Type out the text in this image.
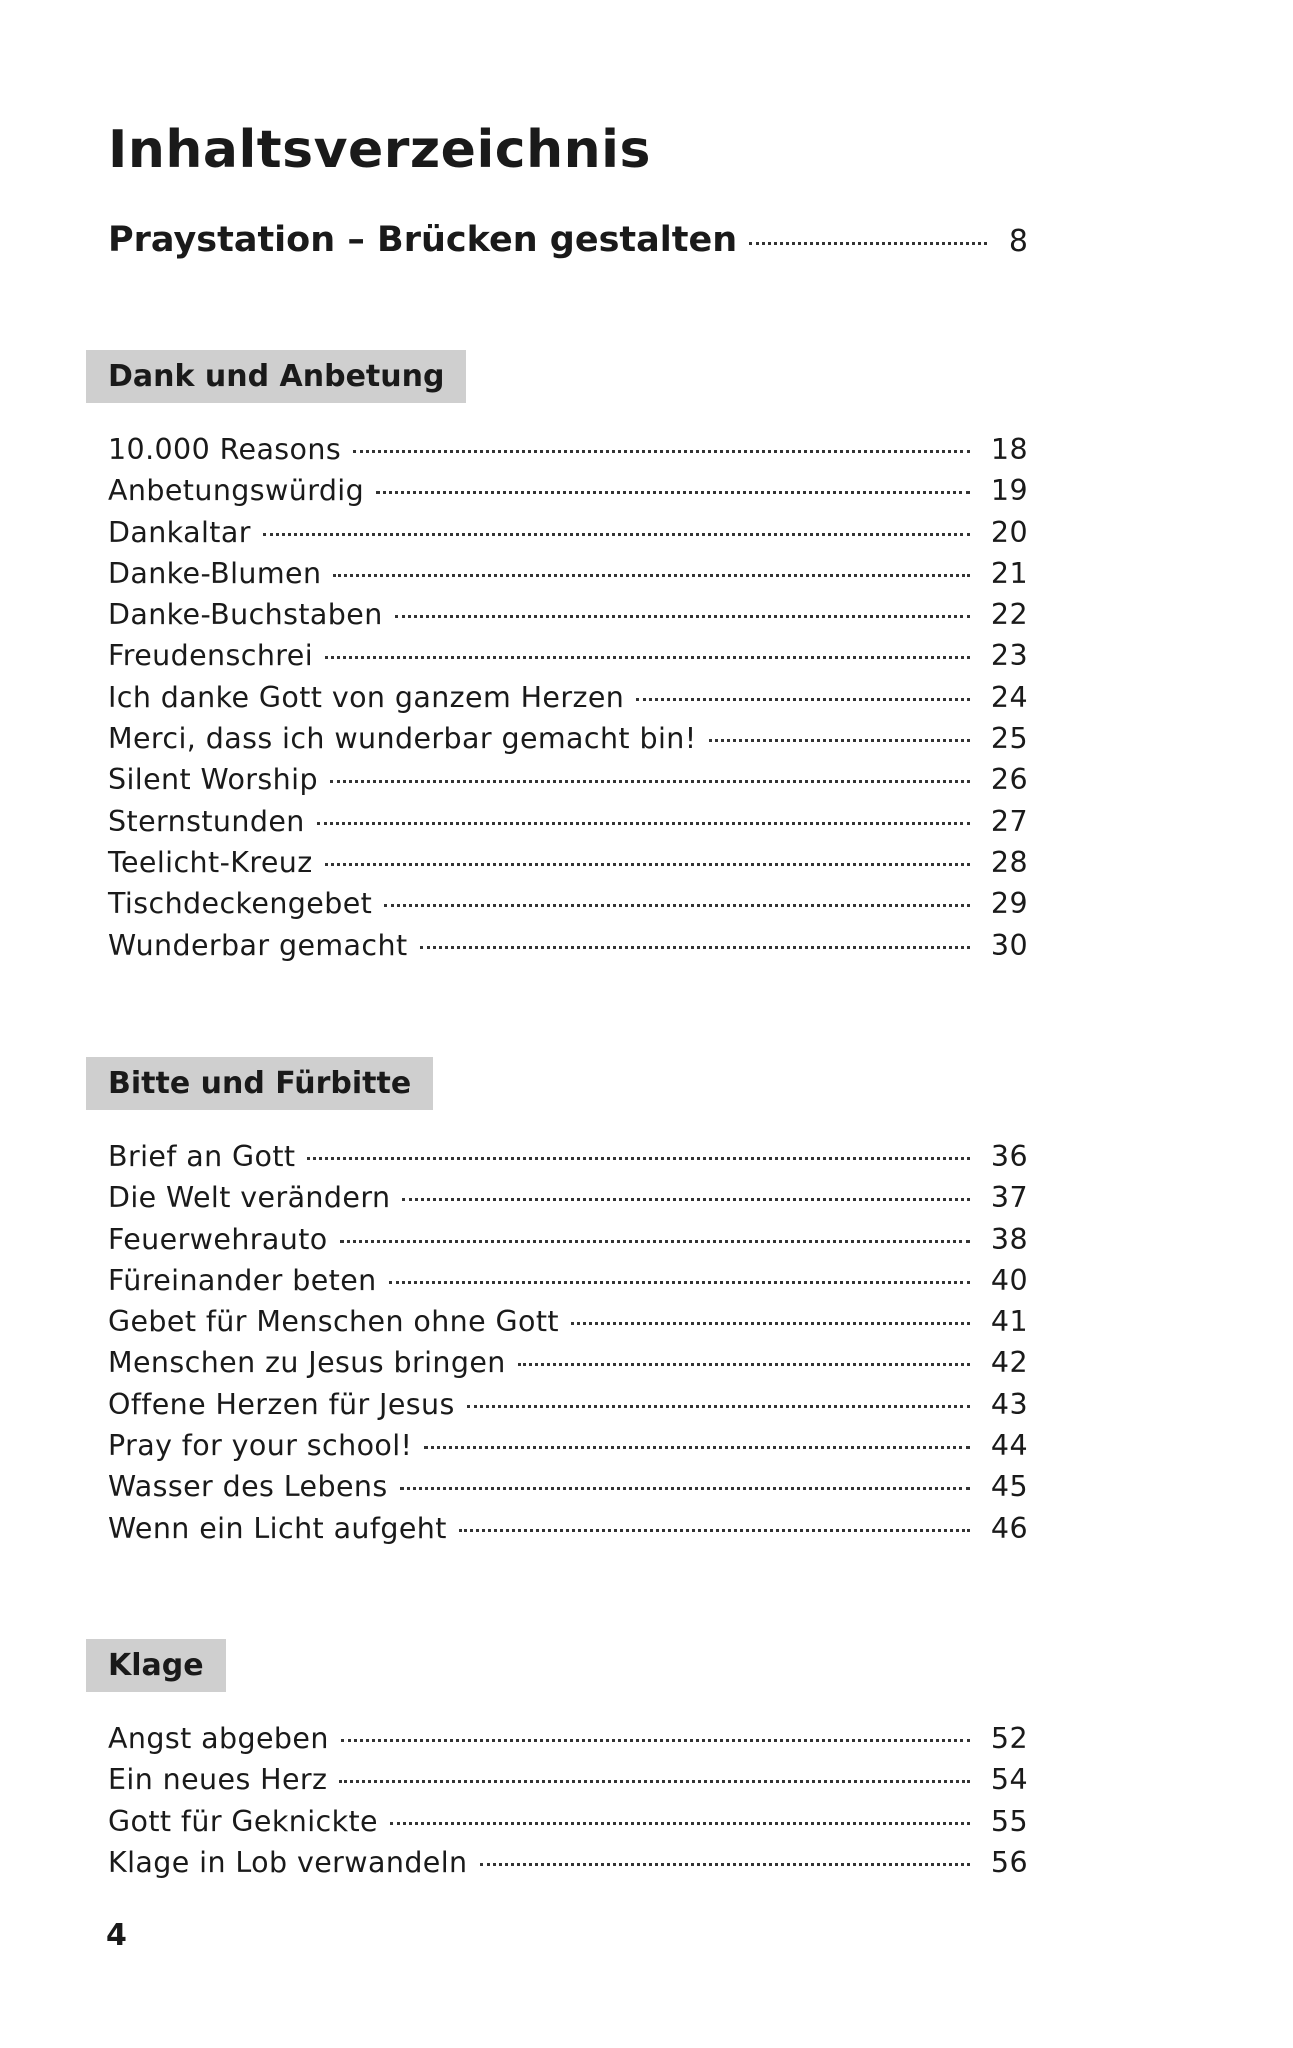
Inhaltsverzeichnis
Praystation – Brücken gestalten	8
Dank und Anbetung
10.000 Reasons	18
Anbetungswürdig	19
Dankaltar	20
Danke-Blumen	21
Danke-Buchstaben	22
Freudenschrei	23
Ich danke Gott von ganzem Herzen	24
Merci, dass ich wunderbar gemacht bin!	25
Silent Worship	26
Sternstunden	27
Teelicht-Kreuz	28
Tischdeckengebet	29
Wunderbar gemacht	30
Bitte und Fürbitte
Brief an Gott	36
Die Welt verändern	37
Feuerwehrauto	38
Füreinander beten	40
Gebet für Menschen ohne Gott	41
Menschen zu Jesus bringen	42
Offene Herzen für Jesus	43
Pray for your school!	44
Wasser des Lebens	45
Wenn ein Licht aufgeht	46
Klage
Angst abgeben	52
Ein neues Herz	54
Gott für Geknickte	55
Klage in Lob verwandeln	56
4
